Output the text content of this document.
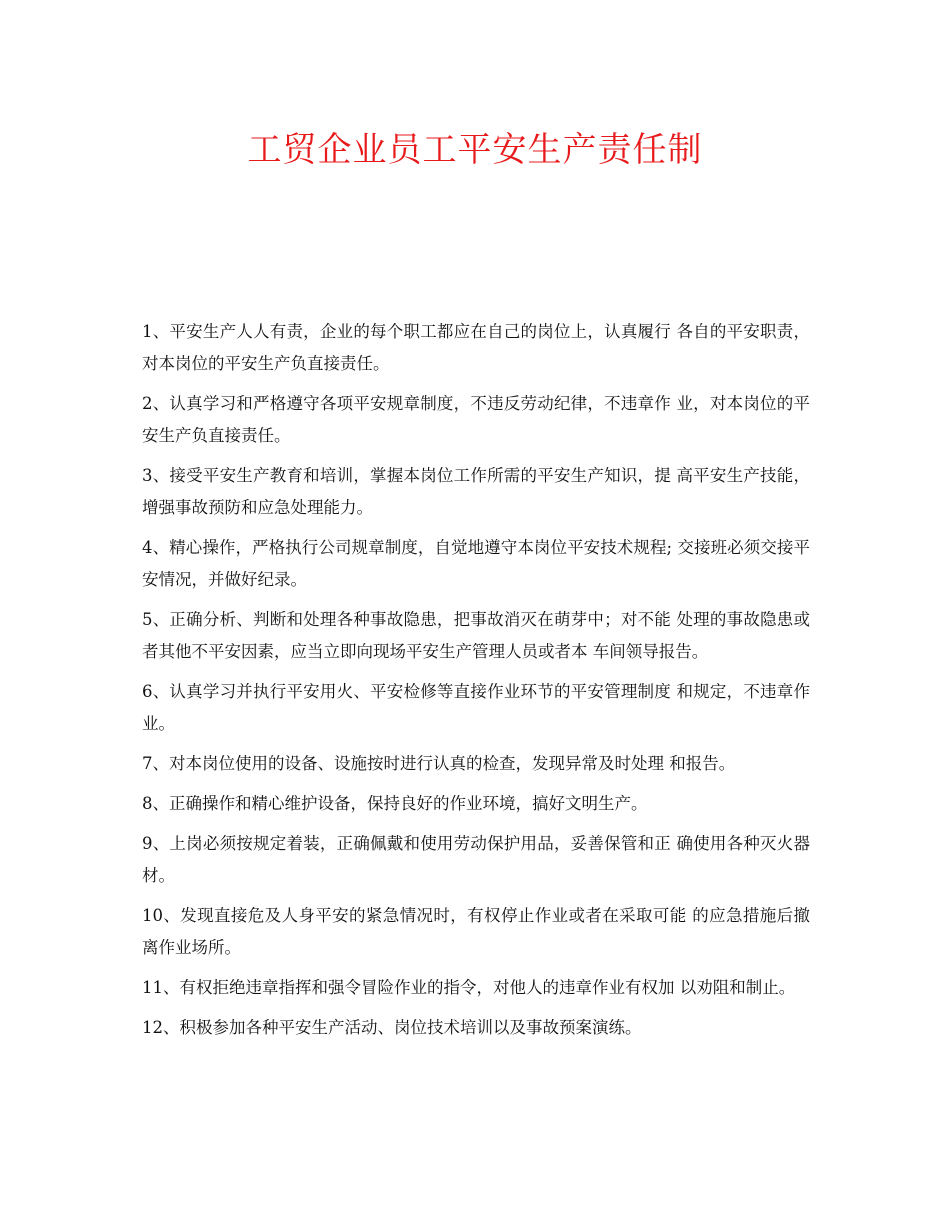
工贸企业员工平安生产责任制

1、平安生产人人有责，企业的每个职工都应在自己的岗位上，认真履行 各自的平安职责，对本岗位的平安生产负直接责任。

2、认真学习和严格遵守各项平安规章制度，不违反劳动纪律，不违章作 业，对本岗位的平安生产负直接责任。

3、接受平安生产教育和培训，掌握本岗位工作所需的平安生产知识，提 高平安生产技能，增强事故预防和应急处理能力。

4、精心操作，严格执行公司规章制度，自觉地遵守本岗位平安技术规程; 交接班必须交接平安情况，并做好纪录。

5、正确分析、判断和处理各种事故隐患，把事故消灭在萌芽中；对不能 处理的事故隐患或者其他不平安因素，应当立即向现场平安生产管理人员或者本 车间领导报告。

6、认真学习并执行平安用火、平安检修等直接作业环节的平安管理制度 和规定，不违章作业。

7、对本岗位使用的设备、设施按时进行认真的检查，发现异常及时处理 和报告。

8、正确操作和精心维护设备，保持良好的作业环境，搞好文明生产。

9、上岗必须按规定着装，正确佩戴和使用劳动保护用品，妥善保管和正 确使用各种灭火器材。

10、发现直接危及人身平安的紧急情况时，有权停止作业或者在采取可能 的应急措施后撤离作业场所。

11、有权拒绝违章指挥和强令冒险作业的指令，对他人的违章作业有权加 以劝阻和制止。

12、积极参加各种平安生产活动、岗位技术培训以及事故预案演练。
